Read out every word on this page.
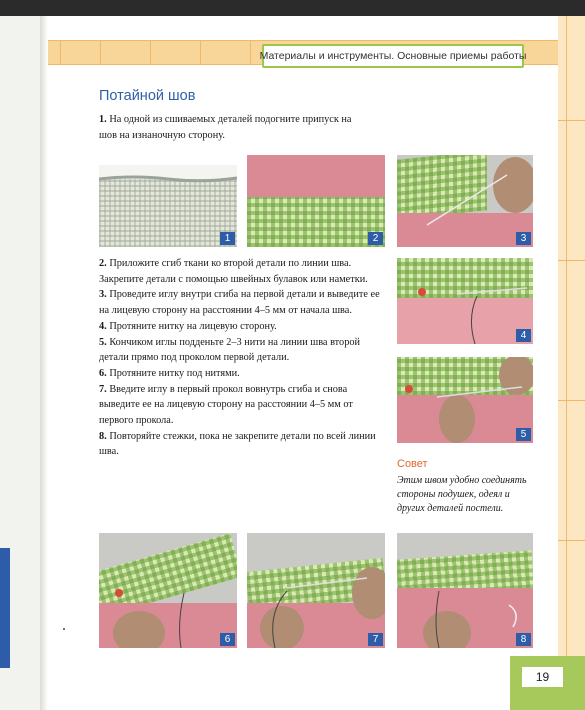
Материалы и инструменты. Основные приемы работы
Потайной шов
1. На одной из сшиваемых деталей подогните припуск на шов на изнаночную сторону.
1	2	3
4
5
6	7	8

2. Приложите сгиб ткани ко второй детали по линии шва. Закрепите детали с помощью швейных булавок или наметки.

3. Проведите иглу внутри сгиба на первой детали и выведите ее на лицевую сторону на расстоянии 4–5 мм от начала шва.

4. Протяните нитку на лицевую сторону.

5. Кончиком иглы подденьте 2–3 нити на линии шва второй детали прямо под проколом первой детали.

6. Протяните нитку под нитями.

7. Введите иглу в первый прокол вовнутрь сгиба и снова выведите ее на лицевую сторону на расстоянии 4–5 мм от первого прокола.

8. Повторяйте стежки, пока не закрепите детали по всей линии шва.

Совет
Этим швом удобно соединять стороны подушек, одеял и других деталей постели.
19
